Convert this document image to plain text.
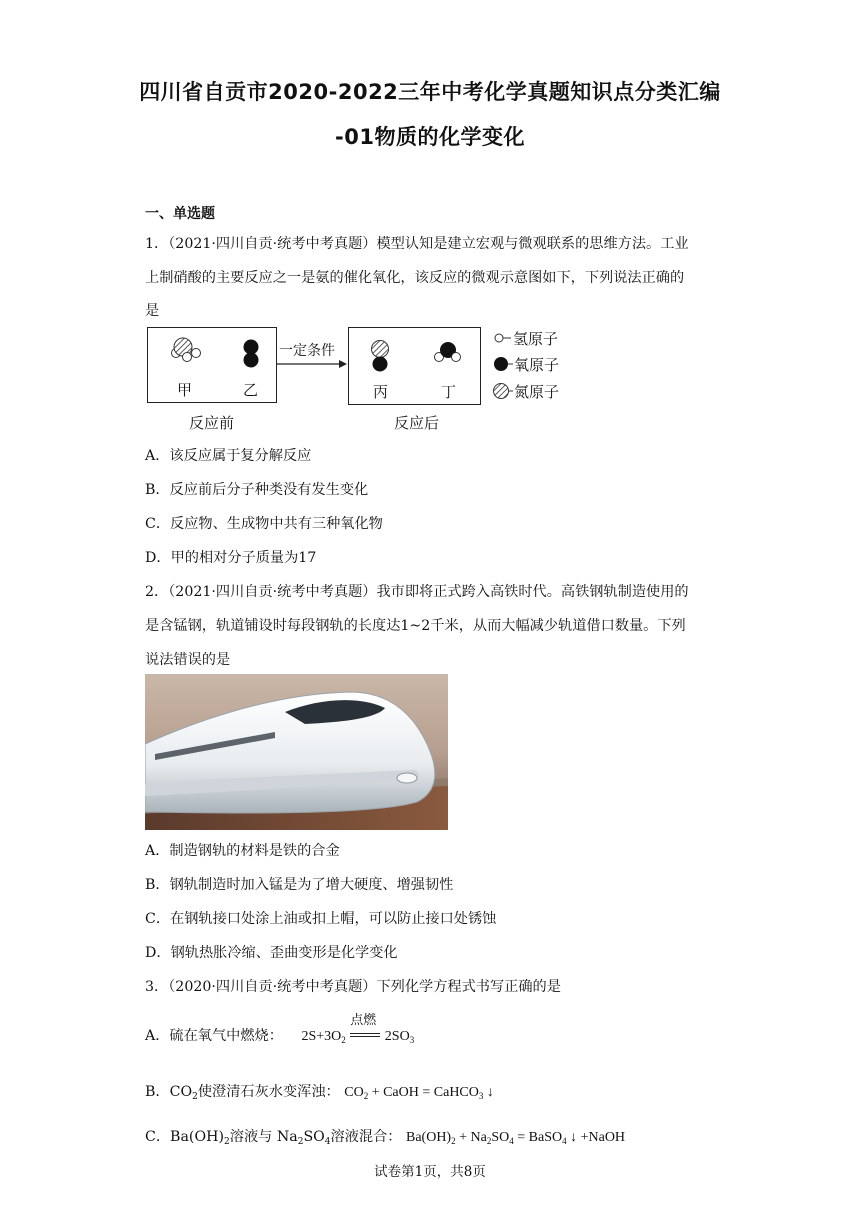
四川省自贡市2020-2022三年中考化学真题知识点分类汇编
-01物质的化学变化
一、单选题
1．（2021·四川自贡·统考中考真题）模型认知是建立宏观与微观联系的思维方法。工业
上制硝酸的主要反应之一是氨的催化氧化，该反应的微观示意图如下，下列说法正确的
是
一定条件
甲	乙	丙	丁
反应前	反应后
氢原子
氧原子
氮原子
A．该反应属于复分解反应
B．反应前后分子种类没有发生变化
C．反应物、生成物中共有三种氧化物
D．甲的相对分子质量为17
2．（2021·四川自贡·统考中考真题）我市即将正式跨入高铁时代。高铁钢轨制造使用的
是含锰钢，轨道铺设时每段钢轨的长度达1~2千米，从而大幅减少轨道借口数量。下列
说法错误的是
A．制造钢轨的材料是铁的合金
B．钢轨制造时加入锰是为了增大硬度、增强韧性
C．在钢轨接口处涂上油或扣上帽，可以防止接口处锈蚀
D．钢轨热胀冷缩、歪曲变形是化学变化
3．（2020·四川自贡·统考中考真题）下列化学方程式书写正确的是
A．硫在氧气中燃烧： $2S+3O_2$
点燃
$2SO_3$
B．$CO_2$使澄清石灰水变浑浊： $CO_2$ + CaOH = CaHCO$_3$ ↓
C．$Ba(OH)_2$溶液与 $Na_2SO_4$溶液混合： $Ba(OH)_2 + Na_2SO_4$ = BaSO$_4$ ↓ +NaOH
试卷第1页，共8页
